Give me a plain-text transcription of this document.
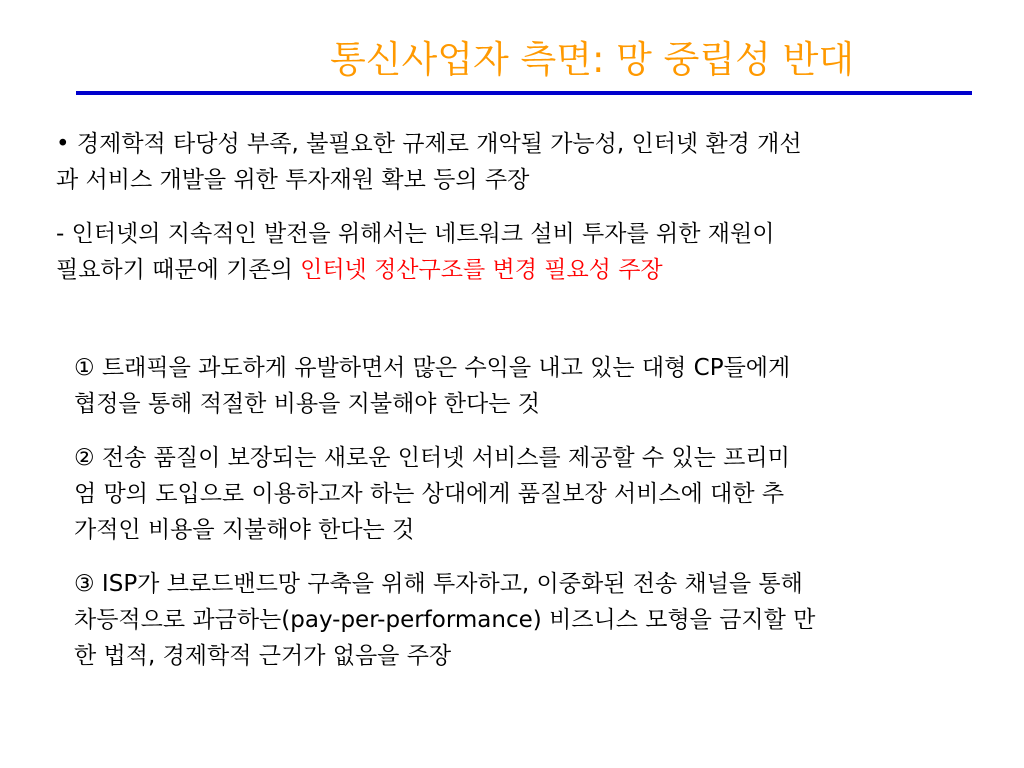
통신사업자 측면: 망 중립성 반대
• 경제학적 타당성 부족, 불필요한 규제로 개악될 가능성, 인터넷 환경 개선
과 서비스 개발을 위한 투자재원 확보 등의 주장
- 인터넷의 지속적인 발전을 위해서는 네트워크 설비 투자를 위한 재원이
필요하기 때문에 기존의 인터넷 정산구조를 변경 필요성 주장
① 트래픽을 과도하게 유발하면서 많은 수익을 내고 있는 대형 CP들에게
협정을 통해 적절한 비용을 지불해야 한다는 것
② 전송 품질이 보장되는 새로운 인터넷 서비스를 제공할 수 있는 프리미
엄 망의 도입으로 이용하고자 하는 상대에게 품질보장 서비스에 대한 추
가적인 비용을 지불해야 한다는 것
③ ISP가 브로드밴드망 구축을 위해 투자하고, 이중화된 전송 채널을 통해
차등적으로 과금하는(pay-per-performance) 비즈니스 모형을 금지할 만
한 법적, 경제학적 근거가 없음을 주장
